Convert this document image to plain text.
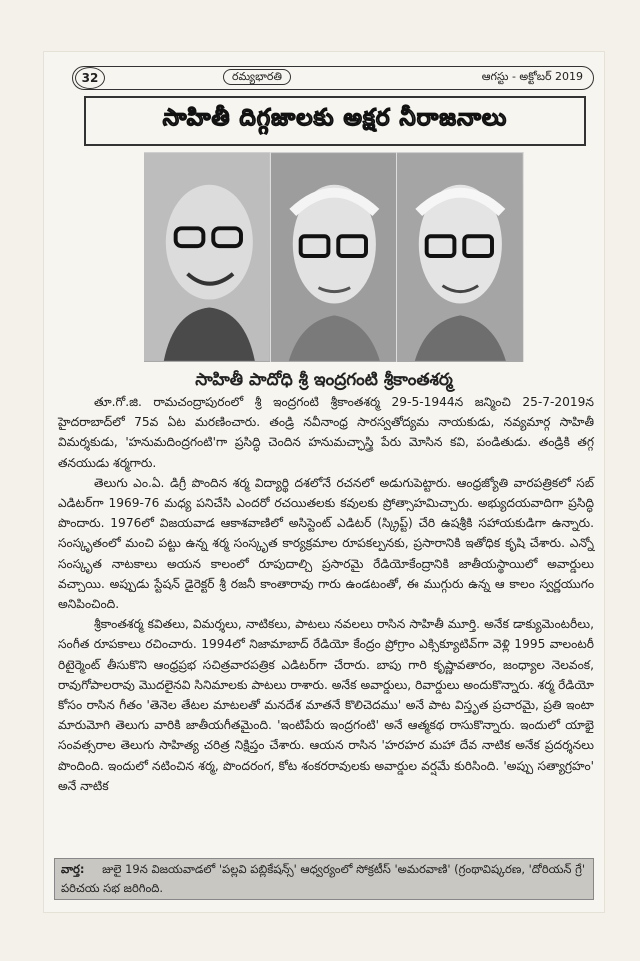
32	రమ్యభారతి	ఆగస్టు - అక్టోబర్ 2019
సాహితీ దిగ్గజాలకు అక్షర నీరాజనాలు
సాహితీ పాదోధి శ్రీ ఇంద్రగంటి శ్రీకాంతశర్మ

తూ.గో.జి. రామచంద్రాపురంలో శ్రీ ఇంద్రగంటి శ్రీకాంతశర్మ 29-5-1944న జన్మించి 25-7-2019న హైదరాబాద్‌లో 75వ ఏట మరణించారు. తండ్రి నవీనాంధ్ర సారస్వతోద్యమ నాయకుడు, నవ్యమార్గ సాహితీ విమర్శకుడు, 'హనుమదింద్రగంటి'గా ప్రసిద్ధి చెందిన హనుమచ్ఛాస్త్రి పేరు మోసిన కవి, పండితుడు. తండ్రికి తగ్గ తనయుడు శర్మగారు.

తెలుగు ఎం.ఏ. డిగ్రీ పొందిన శర్మ విద్యార్థి దశలోనే రచనలో అడుగుపెట్టారు. ఆంధ్రజ్యోతి వారపత్రికలో సబ్ ఎడిటర్‌గా 1969-76 మధ్య పనిచేసి ఎందరో రచయితలకు కవులకు ప్రోత్సాహమిచ్చారు. అభ్యుదయవాదిగా ప్రసిద్ధి పొందారు. 1976లో విజయవాడ ఆకాశవాణిలో అసిస్టెంట్ ఎడిటర్ (స్క్రిప్ట్) చేరి ఉషశ్రీకి సహాయకుడిగా ఉన్నారు. సంస్కృతంలో మంచి పట్టు ఉన్న శర్మ సంస్కృత కార్యక్రమాల రూపకల్పనకు, ప్రసారానికి ఇతోధిక కృషి చేశారు. ఎన్నో సంస్కృత నాటకాలు అయన కాలంలో రూపుదాల్చి ప్రసారమై రేడియోకేంద్రానికి జాతీయస్థాయిలో అవార్డులు వచ్చాయి. అప్పుడు స్టేషన్ డైరెక్టర్ శ్రీ రజనీ కాంతారావు గారు ఉండటంతో, ఈ ముగ్గురు ఉన్న ఆ కాలం స్వర్ణయుగం అనిపించింది.

శ్రీకాంతశర్మ కవితలు, విమర్శలు, నాటికలు, పాటలు నవలలు రాసిన సాహితీ మూర్తి. అనేక డాక్యుమెంటరీలు, సంగీత రూపకాలు రచించారు. 1994లో నిజామాబాద్ రేడియో కేంద్రం ప్రోగ్రాం ఎక్సిక్యూటివ్‌గా వెళ్లి 1995 వాలంటరీ రిటైర్మెంట్ తీసుకొని ఆంధ్రప్రభ సచిత్రవారపత్రిక ఎడిటర్‌గా చేరారు. బాపు గారి కృష్ణావతారం, జంధ్యాల నెలవంక, రావుగోపాలరావు మొదలైనవి సినిమాలకు పాటలు రాశారు. అనేక అవార్డులు, రివార్డులు అందుకొన్నారు. శర్మ రేడియో కోసం రాసిన గీతం 'తెనెల తేటల మాటలతో మనదేశ మాతనే కొలిచెదము' అనే పాట విస్తృత ప్రచారమై, ప్రతి ఇంటా మారుమోగి తెలుగు వారికి జాతీయగీతమైంది. 'ఇంటిపేరు ఇంద్రగంటి' అనే ఆత్మకథ రాసుకొన్నారు. ఇందులో యాభై సంవత్సరాల తెలుగు సాహిత్య చరిత్ర నిక్షిప్తం చేశారు. ఆయన రాసిన 'హరహర మహా దేవ నాటిక అనేక ప్రదర్శనలు పొందింది. ఇందులో నటించిన శర్మ, పొందరంగ, కోట శంకరరావులకు అవార్డుల వర్షమే కురిసింది. 'అప్పు సత్యాగ్రహం' అనే నాటిక

వార్త: జులై 19న విజయవాడలో 'పల్లవి పబ్లికేషన్స్' ఆధ్వర్యంలో సోక్రటీస్ 'అమరవాణి' (గ్రంథావిష్కరణ, 'దోరియన్ గ్రే' పరిచయ సభ జరిగింది.
